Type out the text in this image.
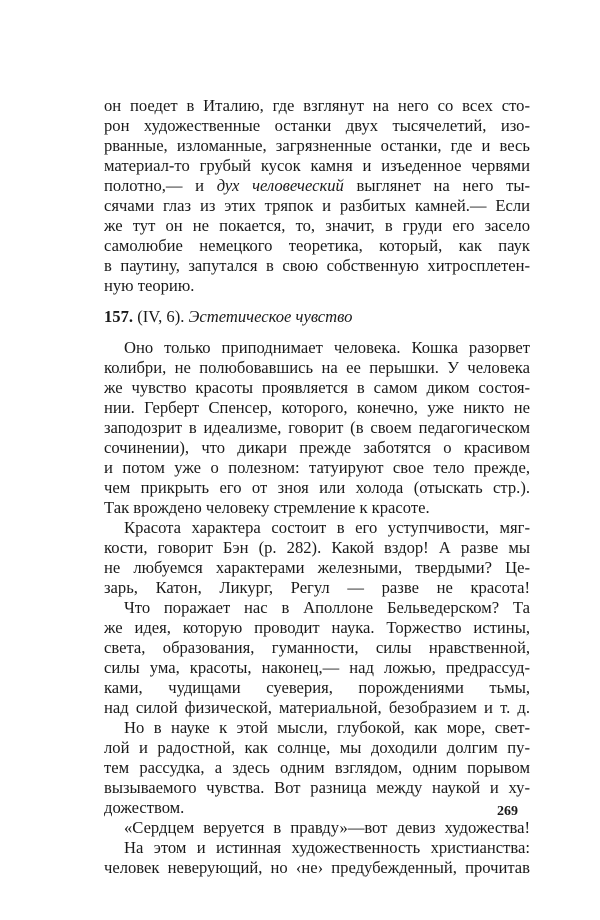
он поедет в Италию, где взглянут на него со всех сто-
рон художественные останки двух тысячелетий, изо-
рванные, изломанные, загрязненные останки, где и весь
материал-то грубый кусок камня и изъеденное червями
полотно,— и дух человеческий выглянет на него ты-
сячами глаз из этих тряпок и разбитых камней.— Если
же тут он не покается, то, значит, в груди его засело
самолюбие немецкого теоретика, который, как паук
в паутину, запутался в свою собственную хитросплетен-
ную теорию.
157. (IV, 6). Эстетическое чувство
Оно только приподнимает человека. Кошка разорвет
колибри, не полюбовавшись на ее перышки. У человека
же чувство красоты проявляется в самом диком состоя-
нии. Герберт Спенсер, которого, конечно, уже никто не
заподозрит в идеализме, говорит (в своем педагогическом
сочинении), что дикари прежде заботятся о красивом
и потом уже о полезном: татуируют свое тело прежде,
чем прикрыть его от зноя или холода (отыскать стр.).
Так врождено человеку стремление к красоте.
Красота характера состоит в его уступчивости, мяг-
кости, говорит Бэн (р. 282). Какой вздор! А разве мы
не любуемся характерами железными, твердыми? Це-
зарь, Катон, Ликург, Регул — разве не красота!
Что поражает нас в Аполлоне Бельведерском? Та
же идея, которую проводит наука. Торжество истины,
света, образования, гуманности, силы нравственной,
силы ума, красоты, наконец,— над ложью, предрассуд-
ками, чудищами суеверия, порождениями тьмы,
над силой физической, материальной, безобразием и т. д.
Но в науке к этой мысли, глубокой, как море, свет-
лой и радостной, как солнце, мы доходили долгим пу-
тем рассудка, а здесь одним взглядом, одним порывом
вызываемого чувства. Вот разница между наукой и ху-
дожеством.
«Сердцем веруется в правду»—вот девиз художества!
На этом и истинная художественность христианства:
человек неверующий, но ‹не› предубежденный, прочитав
269
